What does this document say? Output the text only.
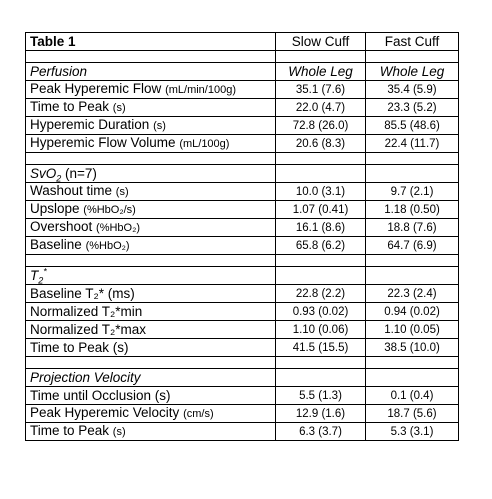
Table 1	Slow Cuff	Fast Cuff

Perfusion	Whole Leg	Whole Leg
Peak Hyperemic Flow (mL/min/100g)	35.1 (7.6)	35.4 (5.9)
Time to Peak (s)	22.0 (4.7)	23.3 (5.2)
Hyperemic Duration (s)	72.8 (26.0)	85.5 (48.6)
Hyperemic Flow Volume (mL/100g)	20.6 (8.3)	22.4 (11.7)

SvO$_2$ (n=7)		
Washout time (s)	10.0 (3.1)	9.7 (2.1)
Upslope (%HbO₂/s)	1.07 (0.41)	1.18 (0.50)
Overshoot (%HbO₂)	16.1 (8.6)	18.8 (7.6)
Baseline (%HbO₂)	65.8 (6.2)	64.7 (6.9)

$T_2^*$		
Baseline T₂* (ms)	22.8 (2.2)	22.3 (2.4)
Normalized T₂*min	0.93 (0.02)	0.94 (0.02)
Normalized T₂*max	1.10 (0.06)	1.10 (0.05)
Time to Peak (s)	41.5 (15.5)	38.5 (10.0)

Projection Velocity		
Time until Occlusion (s)	5.5 (1.3)	0.1 (0.4)
Peak Hyperemic Velocity (cm/s)	12.9 (1.6)	18.7 (5.6)
Time to Peak (s)	6.3 (3.7)	5.3 (3.1)
